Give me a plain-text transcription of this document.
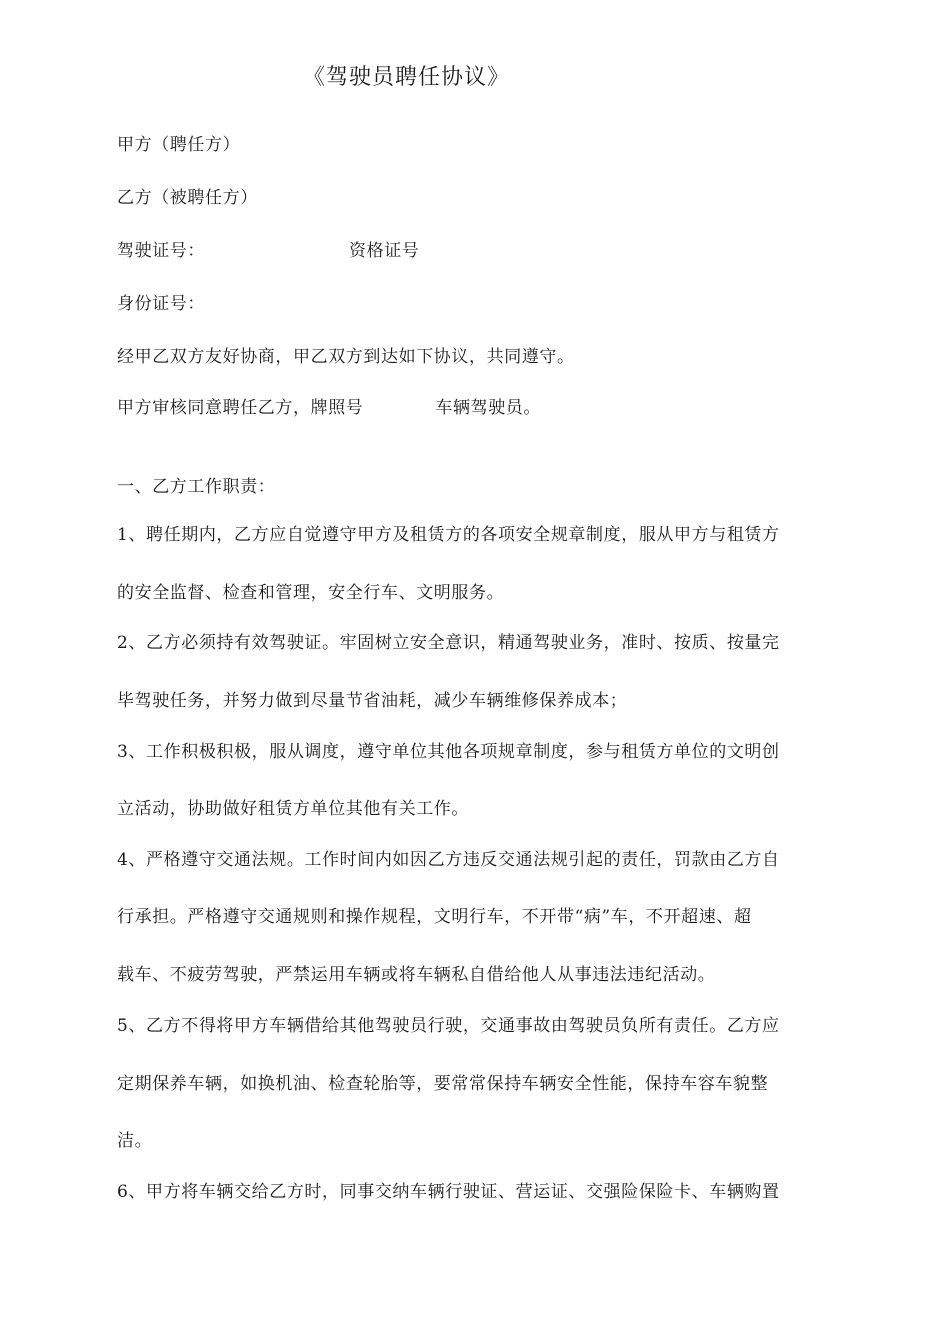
《驾驶员聘任协议》
甲方（聘任方）
乙方（被聘任方）
驾驶证号：	资格证号
身份证号：
经甲乙双方友好协商，甲乙双方到达如下协议，共同遵守。
甲方审核同意聘任乙方，牌照号	车辆驾驶员。
一、乙方工作职责：
1、聘任期内，乙方应自觉遵守甲方及租赁方的各项安全规章制度，服从甲方与租赁方
的安全监督、检查和管理，安全行车、文明服务。
2、乙方必须持有效驾驶证。牢固树立安全意识，精通驾驶业务，准时、按质、按量完
毕驾驶任务，并努力做到尽量节省油耗，减少车辆维修保养成本；
3、工作积极积极，服从调度，遵守单位其他各项规章制度，参与租赁方单位的文明创
立活动，协助做好租赁方单位其他有关工作。
4、严格遵守交通法规。工作时间内如因乙方违反交通法规引起的责任，罚款由乙方自
行承担。严格遵守交通规则和操作规程，文明行车，不开带“病”车，不开超速、超
载车、不疲劳驾驶，严禁运用车辆或将车辆私自借给他人从事违法违纪活动。
5、乙方不得将甲方车辆借给其他驾驶员行驶，交通事故由驾驶员负所有责任。乙方应
定期保养车辆，如换机油、检查轮胎等，要常常保持车辆安全性能，保持车容车貌整
洁。
6、甲方将车辆交给乙方时，同事交纳车辆行驶证、营运证、交强险保险卡、车辆购置
